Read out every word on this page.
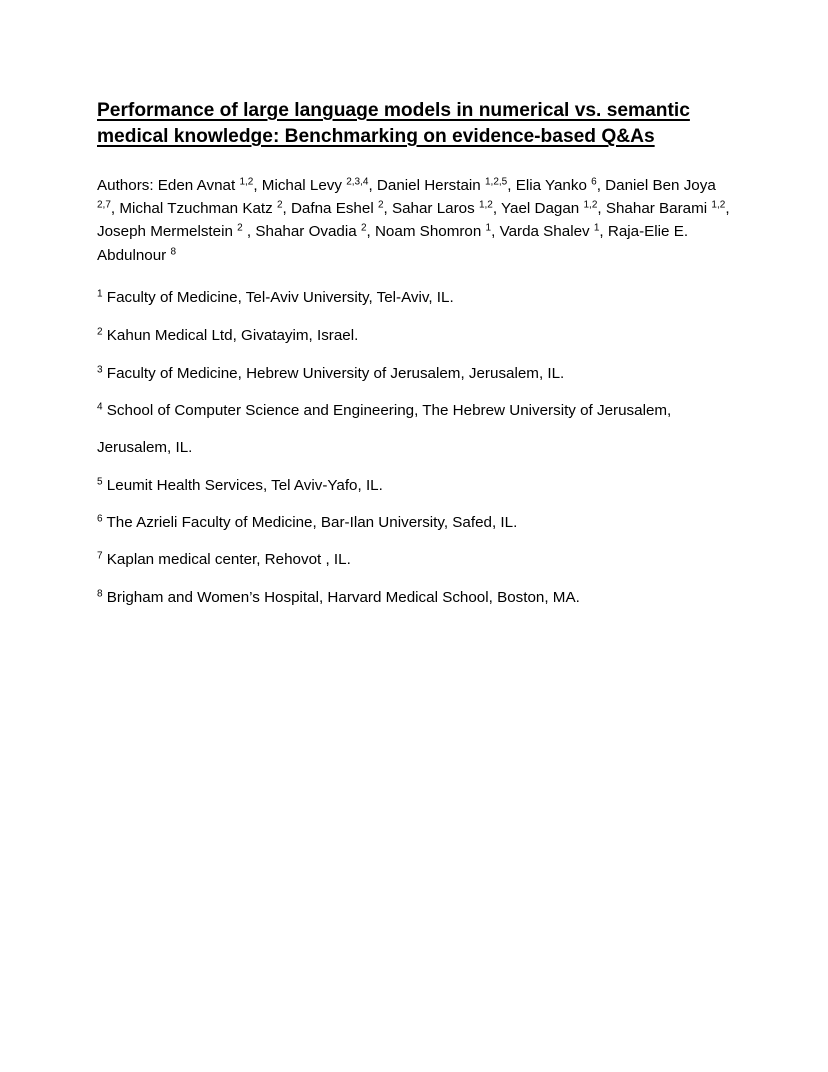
Performance of large language models in numerical vs. semantic medical knowledge: Benchmarking on evidence-based Q&As

Authors: Eden Avnat $^{1,2}$, Michal Levy $^{2,3,4}$, Daniel Herstain $^{1,2,5}$, Elia Yanko $^6$, Daniel Ben Joya $^{2,7}$, Michal Tzuchman Katz $^2$, Dafna Eshel $^2$, Sahar Laros $^{1,2}$, Yael Dagan $^{1,2}$, Shahar Barami $^{1,2}$, Joseph Mermelstein $^2$ , Shahar Ovadia $^2$, Noam Shomron $^1$, Varda Shalev $^1$, Raja-Elie E. Abdulnour $^8$

$^1$ Faculty of Medicine, Tel-Aviv University, Tel-Aviv, IL.

$^2$ Kahun Medical Ltd, Givatayim, Israel.

$^3$ Faculty of Medicine, Hebrew University of Jerusalem, Jerusalem, IL.

$^4$ School of Computer Science and Engineering, The Hebrew University of Jerusalem,

Jerusalem, IL.

$^5$ Leumit Health Services, Tel Aviv-Yafo, IL.

$^6$ The Azrieli Faculty of Medicine, Bar-Ilan University, Safed, IL.

$^7$ Kaplan medical center, Rehovot , IL.

$^8$ Brigham and Women’s Hospital, Harvard Medical School, Boston, MA.
